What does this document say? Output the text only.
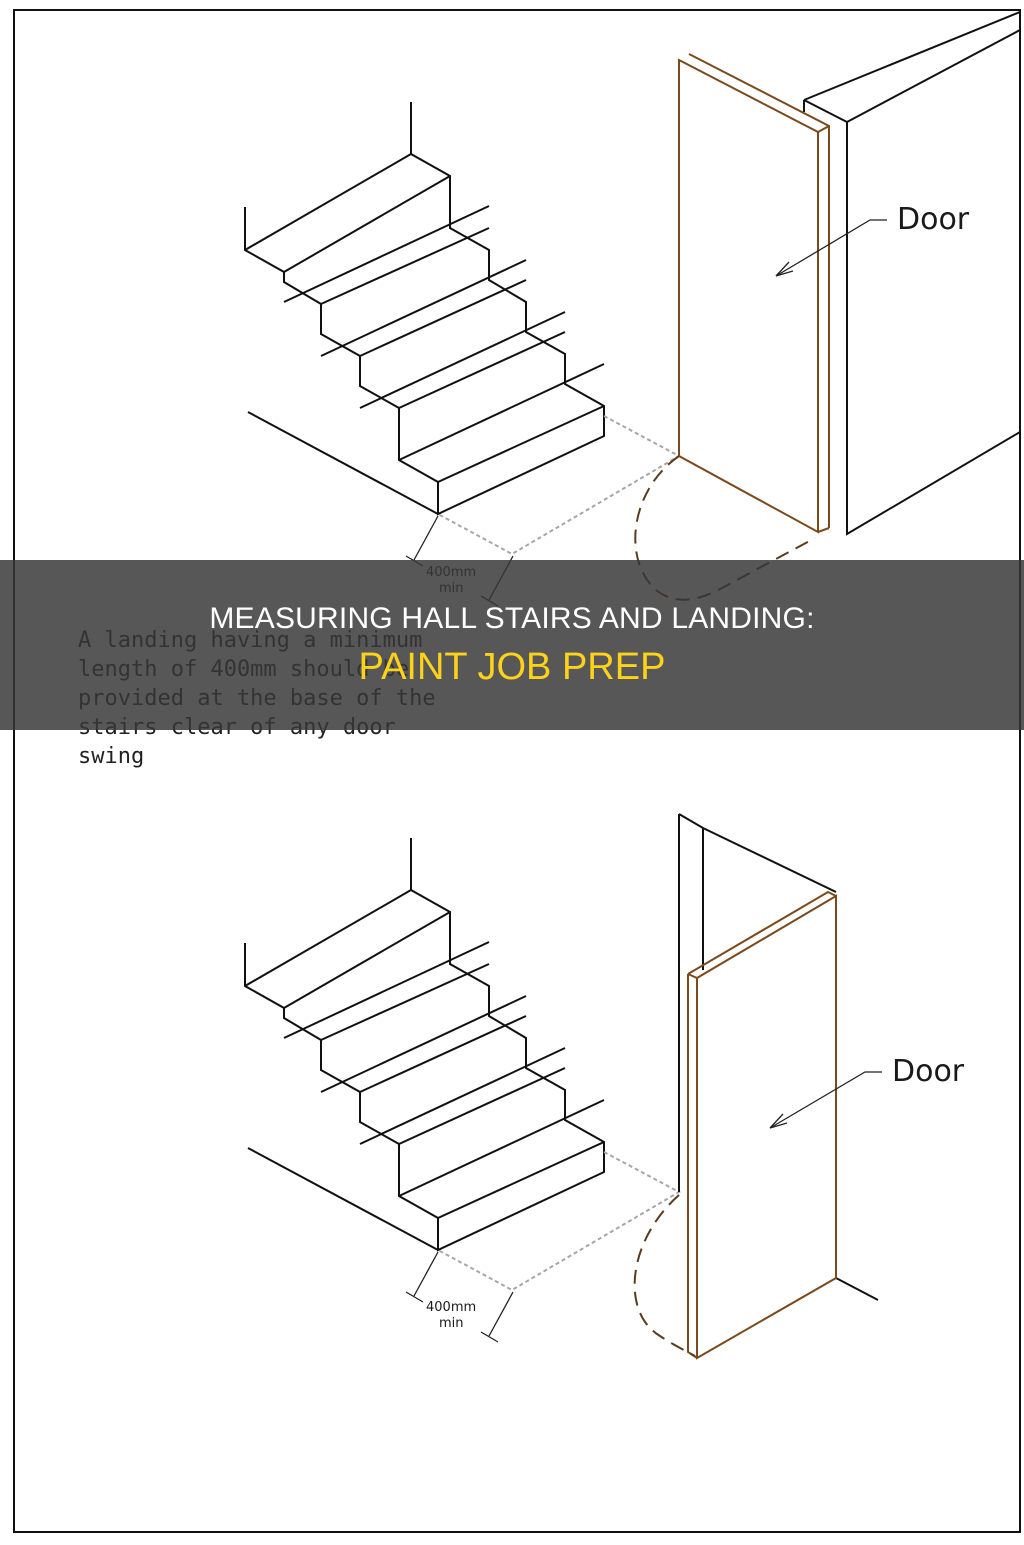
Door
400mm
min
Door
swing
MEASURING HALL STAIRS AND LANDING:
PAINT JOB PREP
